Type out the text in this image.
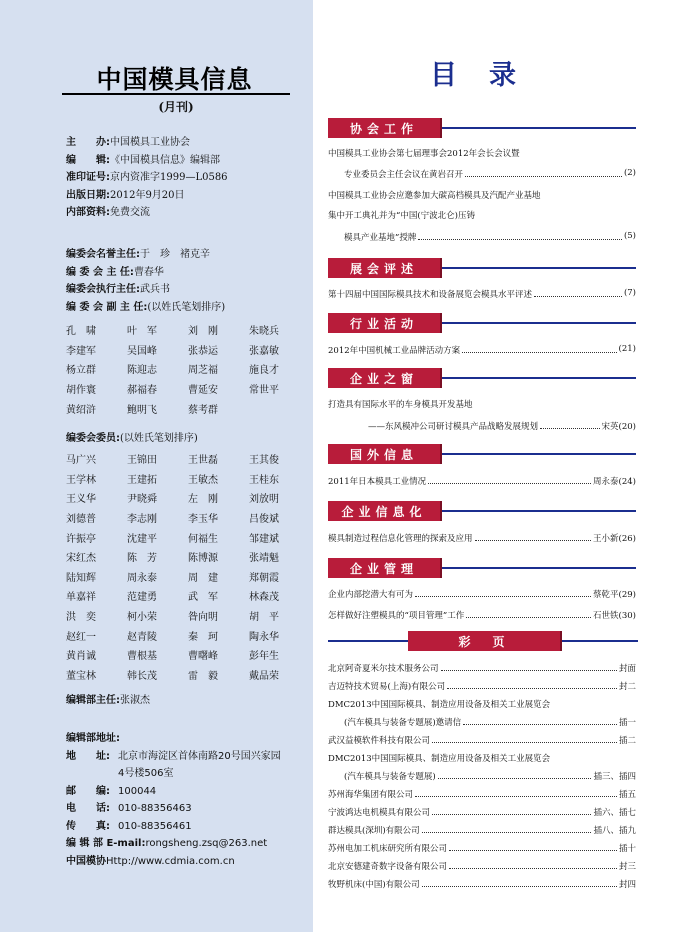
中国模具信息
(月刊)
主　　办:中国模具工业协会
编　　辑:《中国模具信息》编辑部
准印证号:京内资准字1999—L0586
出版日期:2012年9月20日
内部资料:免费交流
编委会名誉主任:于　珍　褚克辛
编 委 会 主 任:曹春华
编委会执行主任:武兵书
编 委 会 副 主 任:(以姓氏笔划排序)
孔　啸	叶　军	刘　刚	朱晓兵
李建军	吴国峰	张恭运	张嘉敏
杨立群	陈迎志	周芝福	施良才
胡作寰	郝福春	曹延安	常世平
黄绍浒	鲍明飞	蔡考群
编委会委员:(以姓氏笔划排序)
马广兴	王锦田	王世磊	王其俊
王学林	王建拓	王敏杰	王桂东
王义华	尹晓舜	左　刚	刘放明
刘德普	李志刚	李玉华	吕俊斌
许振亭	沈建平	何福生	邹建斌
宋红杰	陈　芳	陈博源	张靖魁
陆知辉	周永泰	周　建	郑朝霞
单嘉祥	范建勇	武　军	林森茂
洪　奕	柯小荣	昝向明	胡　平
赵红一	赵青陵	秦　珂	陶永华
黄肖诚	曹根基	曹曙峰	彭年生
董宝林	韩长茂	雷　毅	戴品荣
编辑部主任:张淑杰
编辑部地址:
地　　址: 北京市海淀区首体南路20号国兴家园
4号楼506室
邮　　编: 100044
电　　话: 010-88356463
传　　真: 010-88356461
编 辑 部 E-mail:rongsheng.zsq@263.net
中国模协Http://www.cdmia.com.cn
目录
协会工作
中国模具工业协会第七届理事会2012年会长会议暨
专业委员会主任会议在黄岩召开	(2)
中国模具工业协会应邀参加大碳高档模具及汽配产业基地
集中开工典礼并为“中国(宁波北仑)压铸
模具产业基地”授牌	(5)
展会评述
第十四届中国国际模具技术和设备展览会模具水平评述	(7)
行业活动
2012年中国机械工业品牌活动方案	(21)
企业之窗
打造具有国际水平的车身模具开发基地
——东风模冲公司研讨模具产品战略发展规划	宋英(20)
国外信息
2011年日本模具工业情况	周永泰(24)
企业信息化
模具制造过程信息化管理的探索及应用	王小新(26)
企业管理
企业内部挖潜大有可为	蔡乾平(29)
怎样做好注塑模具的“项目管理”工作	石世铁(30)
彩　页
北京阿奇夏米尔技术服务公司	封面
吉迈特技术贸易(上海)有限公司	封二
DMC2013中国国际模具、制造应用设备及相关工业展览会
(汽车模具与装备专题展)邀请信	插一
武汉益模软件科技有限公司	插二
DMC2013中国国际模具、制造应用设备及相关工业展览会
(汽车模具与装备专题展)	插三、插四
苏州海华集团有限公司	插五
宁波鸿达电机模具有限公司	插六、插七
群达模具(深圳)有限公司	插八、插九
苏州电加工机床研究所有限公司	插十
北京安德建奇数字设备有限公司	封三
牧野机床(中国)有限公司	封四
